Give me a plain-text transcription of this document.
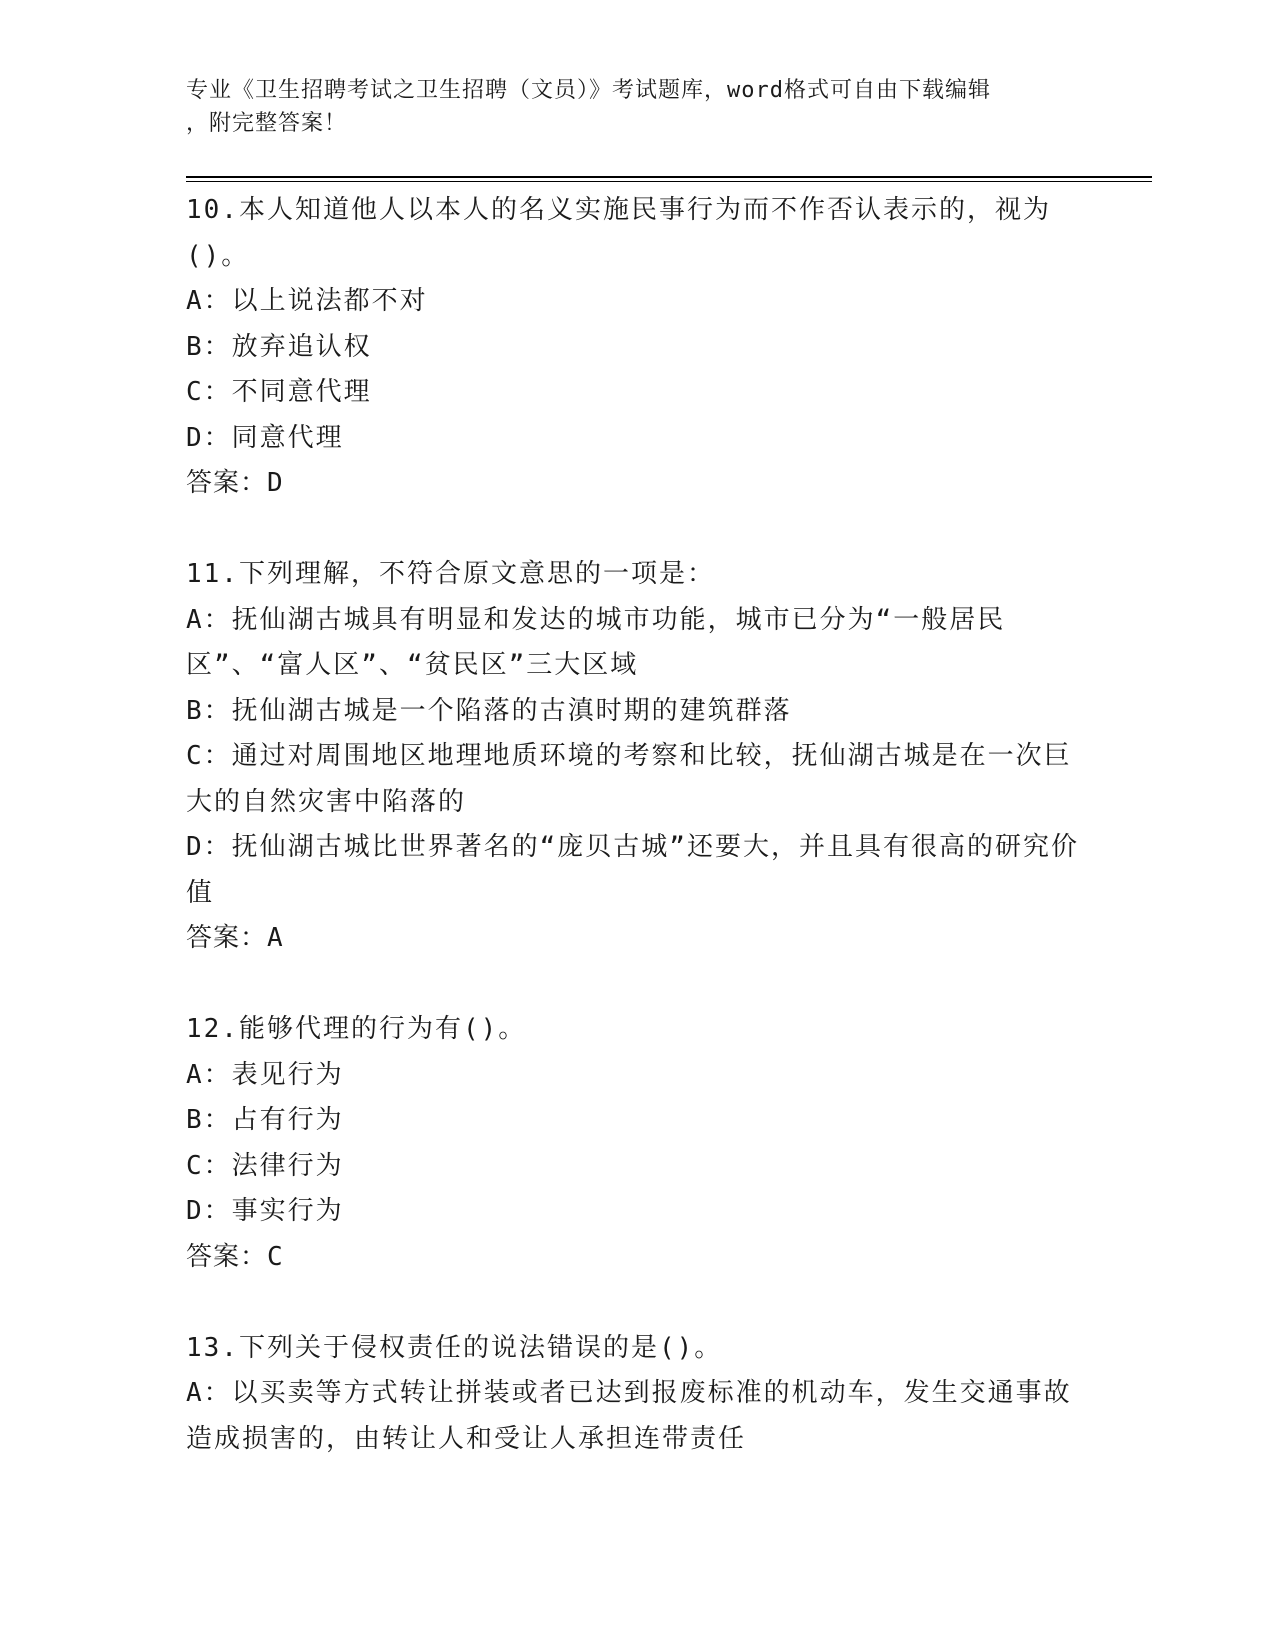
专业《卫生招聘考试之卫生招聘（文员）》考试题库，word格式可自由下载编辑
，附完整答案！
10.本人知道他人以本人的名义实施民事行为而不作否认表示的，视为()。
A：以上说法都不对
B：放弃追认权
C：不同意代理
D：同意代理
答案：D
11.下列理解，不符合原文意思的一项是：
A：抚仙湖古城具有明显和发达的城市功能，城市已分为“一般居民区”、“富人区”、“贫民区”三大区域
B：抚仙湖古城是一个陷落的古滇时期的建筑群落
C：通过对周围地区地理地质环境的考察和比较，抚仙湖古城是在一次巨大的自然灾害中陷落的
D：抚仙湖古城比世界著名的“庞贝古城”还要大，并且具有很高的研究价值
答案：A
12.能够代理的行为有()。
A：表见行为
B：占有行为
C：法律行为
D：事实行为
答案：C
13.下列关于侵权责任的说法错误的是()。
A：以买卖等方式转让拼装或者已达到报废标准的机动车，发生交通事故造成损害的，由转让人和受让人承担连带责任
